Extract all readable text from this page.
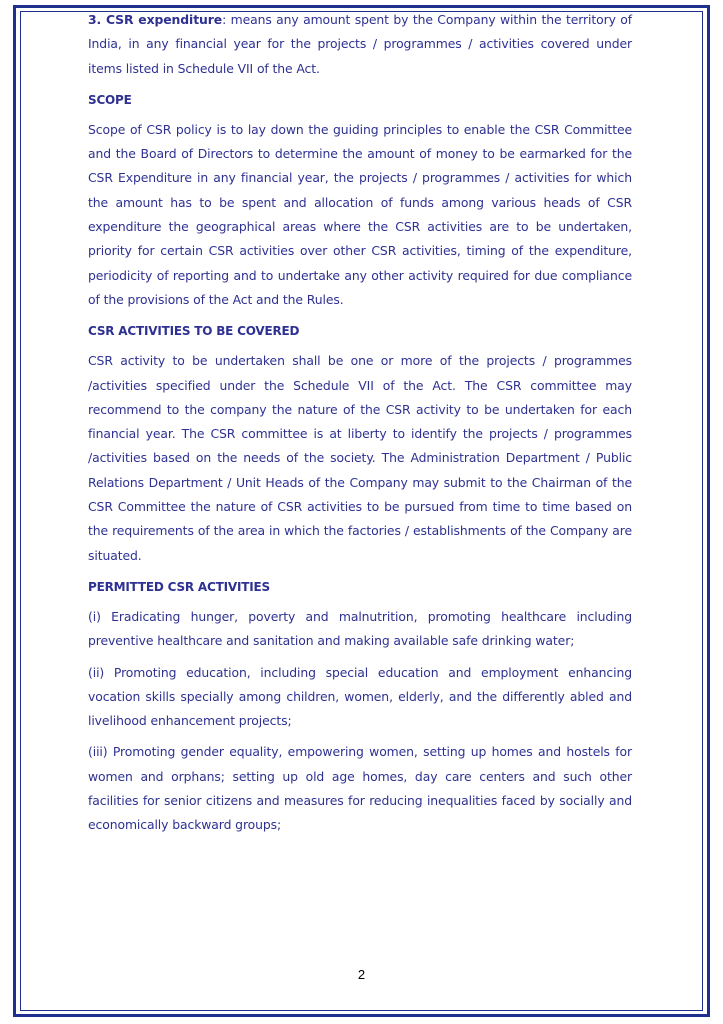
3. CSR expenditure: means any amount spent by the Company within the territory of India, in any financial year for the projects / programmes / activities covered under items listed in Schedule VII of the Act.

SCOPE

Scope of CSR policy is to lay down the guiding principles to enable the CSR Committee and the Board of Directors to determine the amount of money to be earmarked for the CSR Expenditure in any financial year, the projects / programmes / activities for which the amount has to be spent and allocation of funds among various heads of CSR expenditure the geographical areas where the CSR activities are to be undertaken, priority for certain CSR activities over other CSR activities, timing of the expenditure, periodicity of reporting and to undertake any other activity required for due compliance of the provisions of the Act and the Rules.

CSR ACTIVITIES TO BE COVERED

CSR activity to be undertaken shall be one or more of the projects / programmes /activities specified under the Schedule VII of the Act. The CSR committee may recommend to the company the nature of the CSR activity to be undertaken for each financial year. The CSR committee is at liberty to identify the projects / programmes /activities based on the needs of the society. The Administration Department / Public Relations Department / Unit Heads of the Company may submit to the Chairman of the CSR Committee the nature of CSR activities to be pursued from time to time based on the requirements of the area in which the factories / establishments of the Company are situated.

PERMITTED CSR ACTIVITIES

(i) Eradicating hunger, poverty and malnutrition, promoting healthcare including preventive healthcare and sanitation and making available safe drinking water;

(ii) Promoting education, including special education and employment enhancing vocation skills specially among children, women, elderly, and the differently abled and livelihood enhancement projects;

(iii) Promoting gender equality, empowering women, setting up homes and hostels for women and orphans; setting up old age homes, day care centers and such other facilities for senior citizens and measures for reducing inequalities faced by socially and economically backward groups;

2
